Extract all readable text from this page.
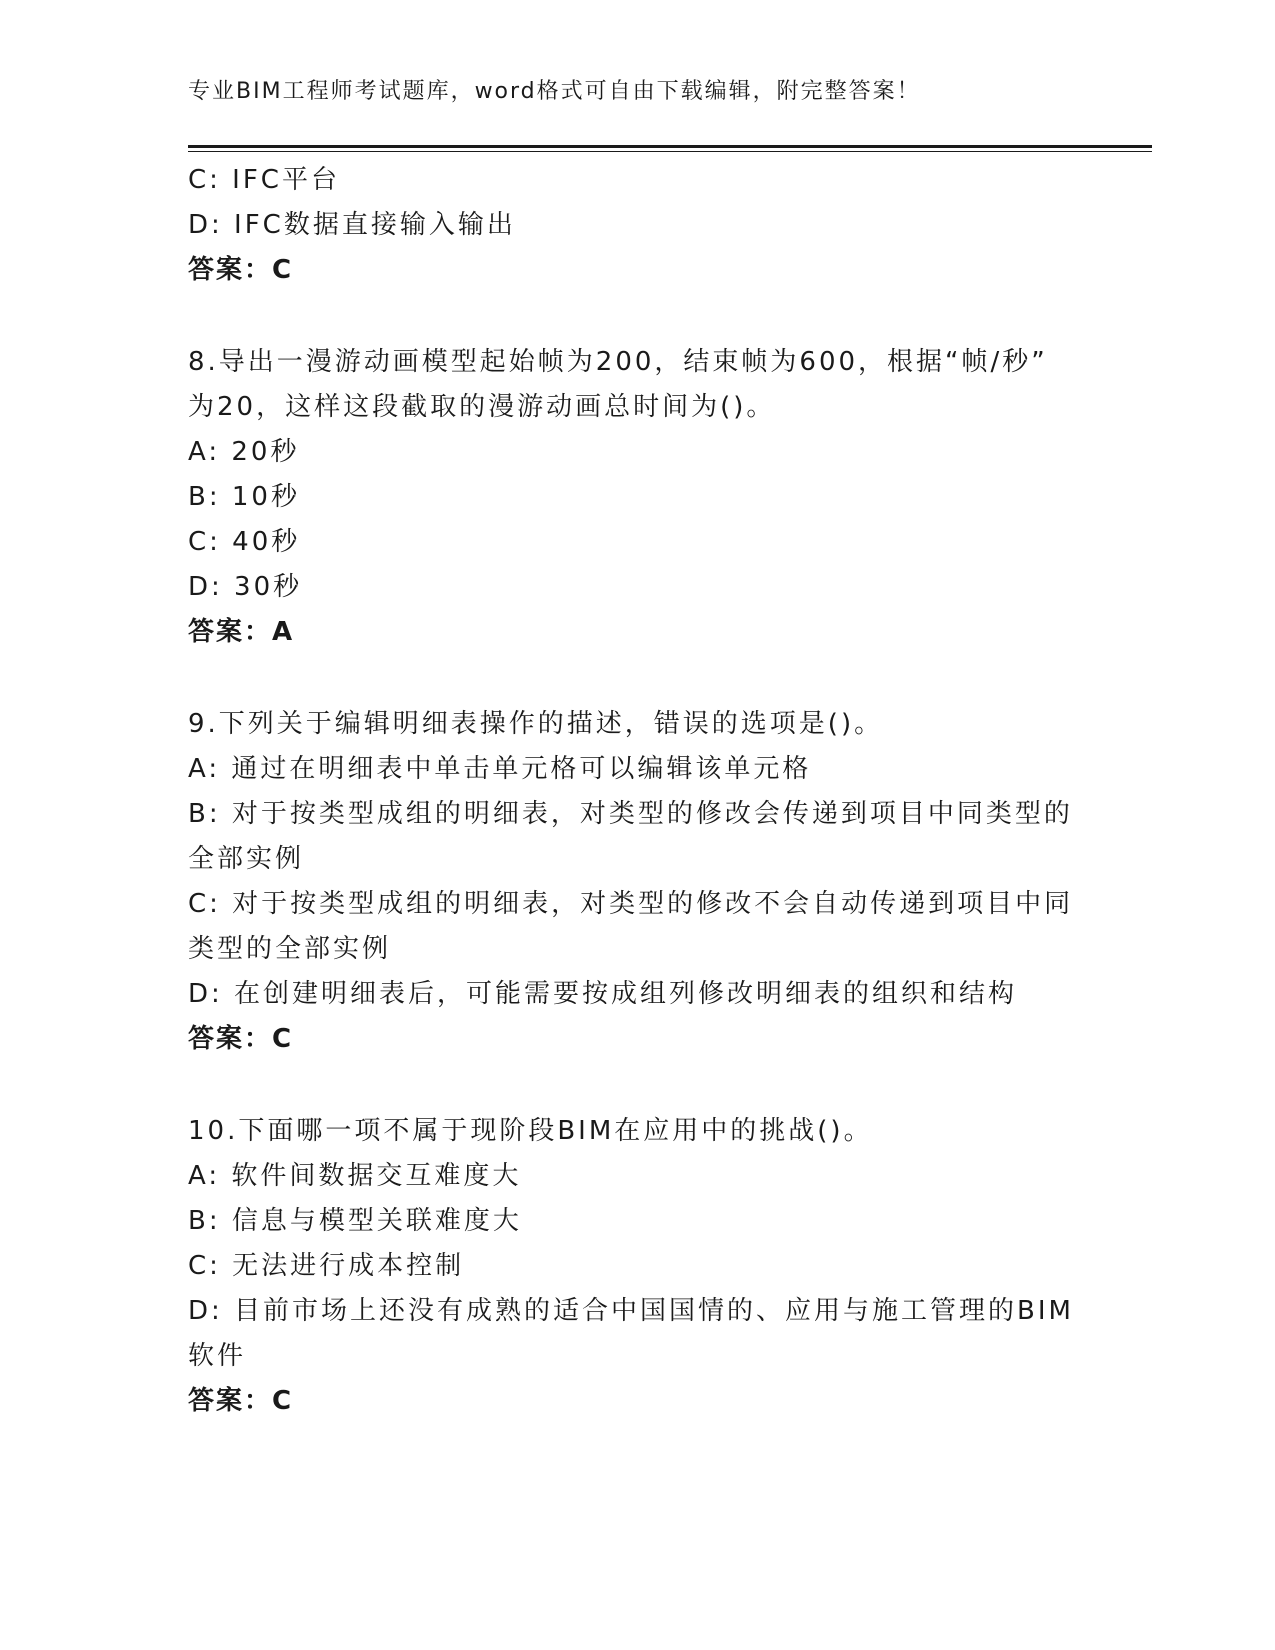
专业BIM工程师考试题库，word格式可自由下载编辑，附完整答案！
C: IFC平台
D: IFC数据直接输入输出
答案：C
8.导出一漫游动画模型起始帧为200，结束帧为600，根据“帧/秒”
为20，这样这段截取的漫游动画总时间为()。
A: 20秒
B: 10秒
C: 40秒
D: 30秒
答案：A
9.下列关于编辑明细表操作的描述，错误的选项是()。
A: 通过在明细表中单击单元格可以编辑该单元格
B: 对于按类型成组的明细表，对类型的修改会传递到项目中同类型的
全部实例
C: 对于按类型成组的明细表，对类型的修改不会自动传递到项目中同
类型的全部实例
D: 在创建明细表后，可能需要按成组列修改明细表的组织和结构
答案：C
10.下面哪一项不属于现阶段BIM在应用中的挑战()。
A: 软件间数据交互难度大
B: 信息与模型关联难度大
C: 无法进行成本控制
D: 目前市场上还没有成熟的适合中国国情的、应用与施工管理的BIM
软件
答案：C
